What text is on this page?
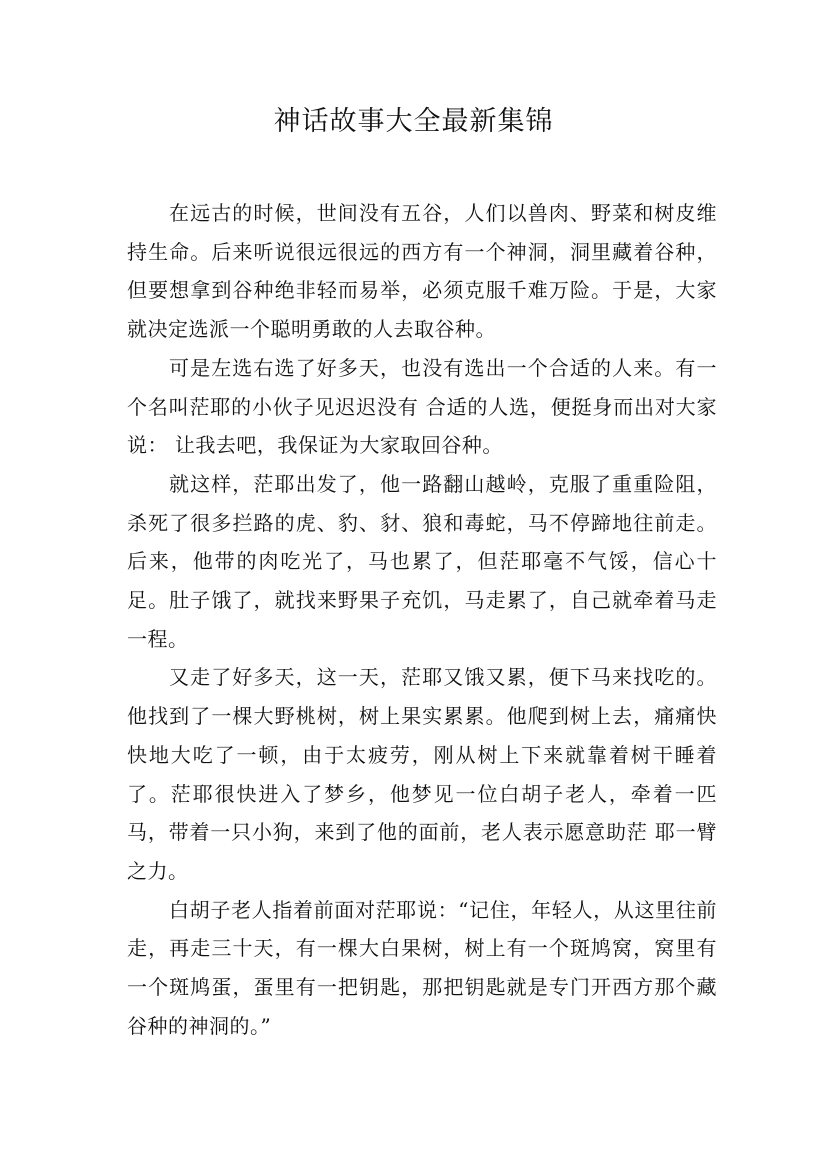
神话故事大全最新集锦

在远古的时候，世间没有五谷，人们以兽肉、野菜和树皮维持生命。后来听说很远很远的西方有一个神洞，洞里藏着谷种，但要想拿到谷种绝非轻而易举，必须克服千难万险。于是，大家就决定选派一个聪明勇敢的人去取谷种。

可是左选右选了好多天，也没有选出一个合适的人来。有一个名叫茫耶的小伙子见迟迟没有 合适的人选，便挺身而出对大家说： 让我去吧，我保证为大家取回谷种。

就这样，茫耶出发了，他一路翻山越岭，克服了重重险阻，杀死了很多拦路的虎、豹、豺、狼和毒蛇，马不停蹄地往前走。后来，他带的肉吃光了，马也累了，但茫耶毫不气馁，信心十足。肚子饿了，就找来野果子充饥，马走累了，自己就牵着马走一程。

又走了好多天，这一天，茫耶又饿又累，便下马来找吃的。他找到了一棵大野桃树，树上果实累累。他爬到树上去，痛痛快快地大吃了一顿，由于太疲劳，刚从树上下来就靠着树干睡着了。茫耶很快进入了梦乡，他梦见一位白胡子老人，牵着一匹马，带着一只小狗，来到了他的面前，老人表示愿意助茫 耶一臂之力。

白胡子老人指着前面对茫耶说：“记住，年轻人，从这里往前走，再走三十天，有一棵大白果树，树上有一个斑鸠窝，窝里有一个斑鸠蛋，蛋里有一把钥匙，那把钥匙就是专门开西方那个藏谷种的神洞的。”
